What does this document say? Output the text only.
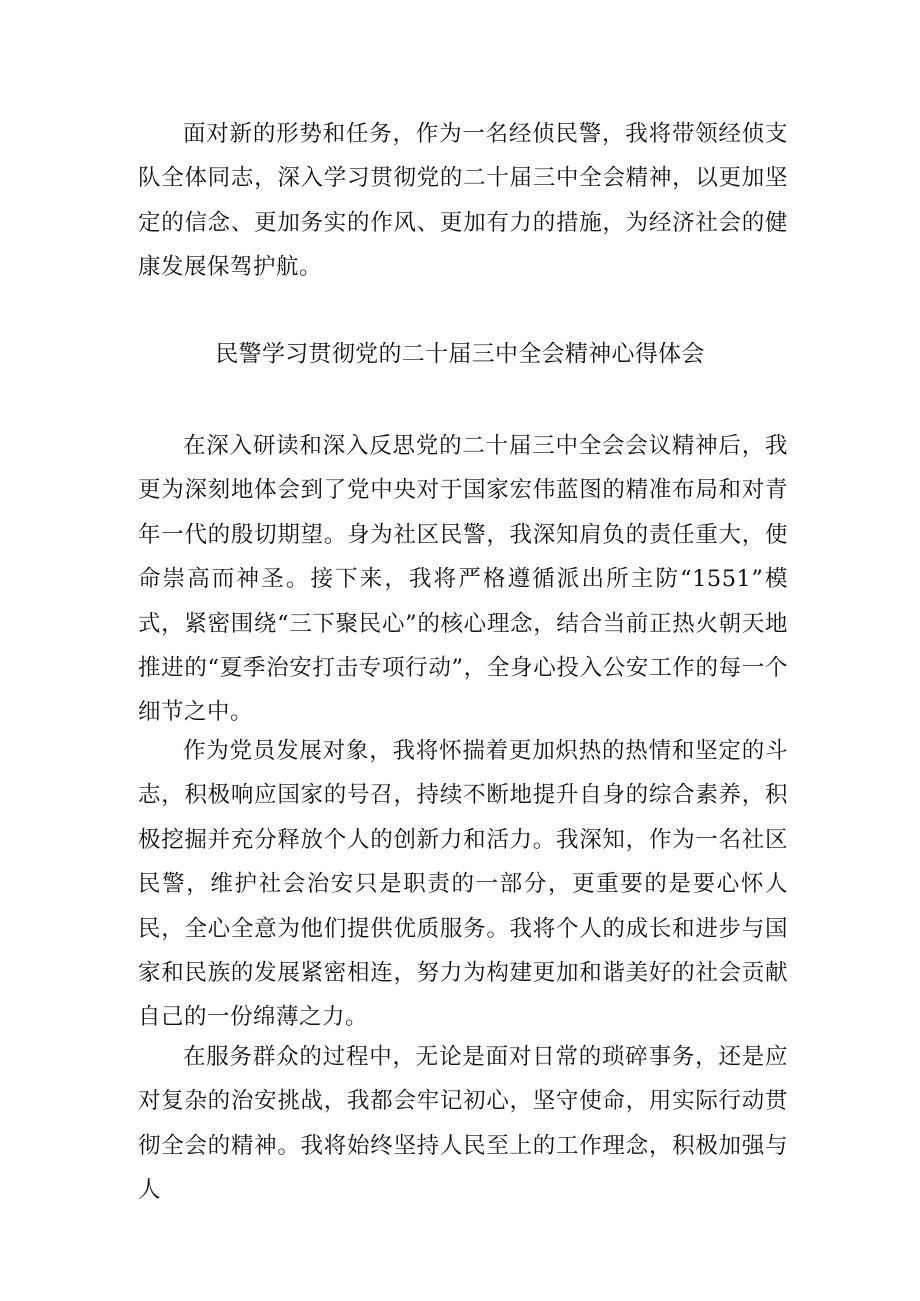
面对新的形势和任务，作为一名经侦民警，我将带领经侦支队全体同志，深入学习贯彻党的二十届三中全会精神，以更加坚定的信念、更加务实的作风、更加有力的措施，为经济社会的健康发展保驾护航。

民警学习贯彻党的二十届三中全会精神心得体会

在深入研读和深入反思党的二十届三中全会会议精神后，我更为深刻地体会到了党中央对于国家宏伟蓝图的精准布局和对青年一代的殷切期望。身为社区民警，我深知肩负的责任重大，使命崇高而神圣。接下来，我将严格遵循派出所主防“1551”模式，紧密围绕“三下聚民心”的核心理念，结合当前正热火朝天地推进的“夏季治安打击专项行动”，全身心投入公安工作的每一个细节之中。

作为党员发展对象，我将怀揣着更加炽热的热情和坚定的斗志，积极响应国家的号召，持续不断地提升自身的综合素养，积极挖掘并充分释放个人的创新力和活力。我深知，作为一名社区民警，维护社会治安只是职责的一部分，更重要的是要心怀人民，全心全意为他们提供优质服务。我将个人的成长和进步与国家和民族的发展紧密相连，努力为构建更加和谐美好的社会贡献自己的一份绵薄之力。

在服务群众的过程中，无论是面对日常的琐碎事务，还是应对复杂的治安挑战，我都会牢记初心，坚守使命，用实际行动贯彻全会的精神。我将始终坚持人民至上的工作理念，积极加强与人
